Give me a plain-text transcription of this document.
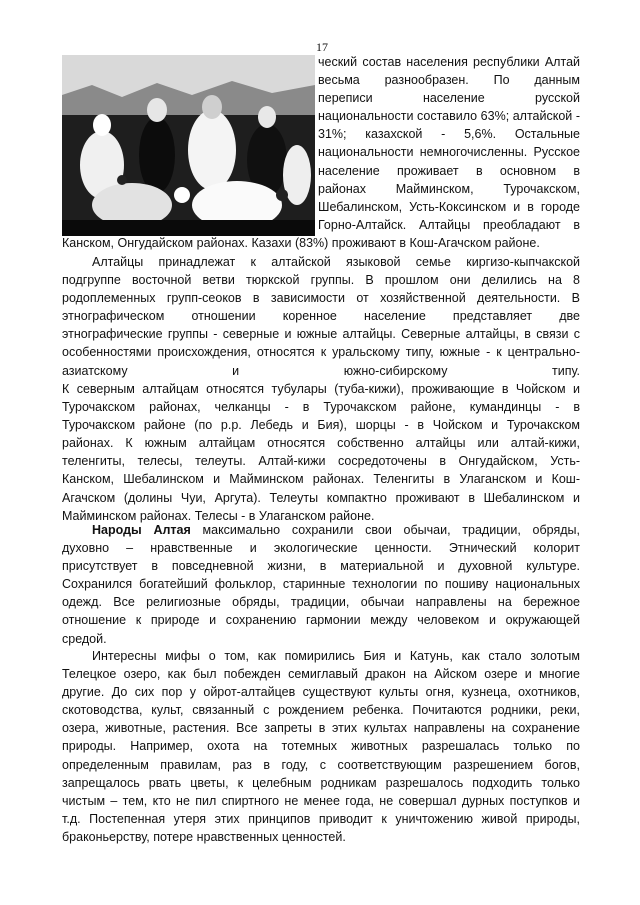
17
ческий состав населения республики Алтай
весьма разнообразен. По данным
переписи население русской
национальности составило 63%; алтайской -
31%; казахской - 5,6%. Остальные
национальности немногочисленны. Русское
население проживает в основном в
районах Майминском, Турочакском,
Шебалинском, Усть-Коксинском и в городе
Горно-Алтайск. Алтайцы преобладают в
Канском, Онгудайском районах. Казахи (83%) проживают в Кош-Агачском районе.
Алтайцы принадлежат к алтайской языковой семье киргизо-кыпчакской
подгруппе восточной ветви тюркской группы. В прошлом они делились на 8
родоплеменных групп-сеоков в зависимости от хозяйственной деятельности. В
этнографическом отношении коренное население представляет две
этнографические группы - северные и южные алтайцы. Северные алтайцы, в связи с
особенностями происхождения, относятся к уральскому типу, южные - к центрально-
азиатскому и южно-сибирскому типу.
К северным алтайцам относятся тубулары (туба-кижи), проживающие в Чойском и
Турочакском районах, челканцы - в Турочакском районе, кумандинцы - в
Турочакском районе (по р.р. Лебедь и Бия), шорцы - в Чойском и Турочакском
районах. К южным алтайцам относятся собственно алтайцы или алтай-кижи,
теленгиты, телесы, телеуты. Алтай-кижи сосредоточены в Онгудайском, Усть-
Канском, Шебалинском и Майминском районах. Теленгиты в Улаганском и Кош-
Агачском (долины Чуи, Аргута). Телеуты компактно проживают в Шебалинском и
Майминском районах. Телесы - в Улаганском районе.
Народы Алтая максимально сохранили свои обычаи, традиции, обряды,
духовно – нравственные и экологические ценности. Этнический колорит
присутствует в повседневной жизни, в материальной и духовной культуре.
Сохранился богатейший фольклор, старинные технологии по пошиву национальных
одежд. Все религиозные обряды, традиции, обычаи направлены на бережное
отношение к природе и сохранению гармонии между человеком и окружающей
средой.
Интересны мифы о том, как помирились Бия и Катунь, как стало золотым
Телецкое озеро, как был побежден семиглавый дракон на Айском озере и многие
другие. До сих пор у ойрот-алтайцев существуют культы огня, кузнеца, охотников,
скотоводства, культ, связанный с рождением ребенка. Почитаются родники, реки,
озера, животные, растения. Все запреты в этих культах направлены на сохранение
природы. Например, охота на тотемных животных разрешалась только по
определенным правилам, раз в году, с соответствующим разрешением богов,
запрещалось рвать цветы, к целебным родникам разрешалось подходить только
чистым – тем, кто не пил спиртного не менее года, не совершал дурных поступков и
т.д. Постепенная утеря этих принципов приводит к уничтожению живой природы,
браконьерству, потере нравственных ценностей.
